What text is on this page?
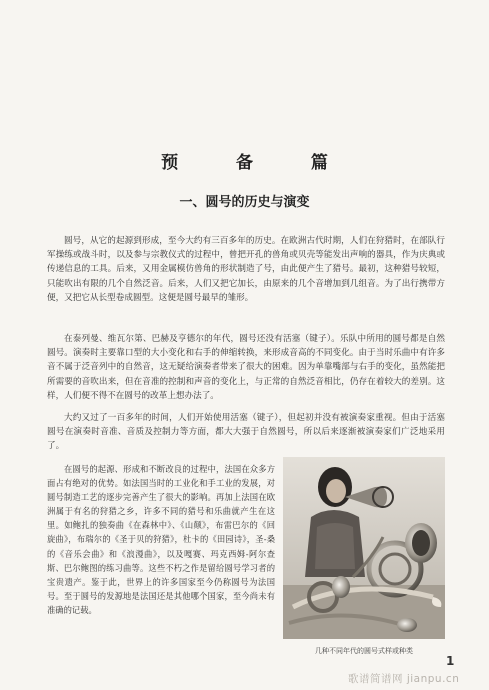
预 备 篇
一、圆号的历史与演变

圆号，从它的起源到形成，至今大约有三百多年的历史。在欧洲古代时期，人们在狩猎时，在部队行军操练或战斗时，以及参与宗教仪式的过程中，曾把开孔的兽角或贝壳等能发出声响的器具，作为庆典或传递信息的工具。后来，又用金属模仿兽角的形状制造了号，由此便产生了猎号。最初，这种猎号较短，只能吹出有限的几个自然泛音。后来，人们又把它加长，由原来的几个音增加到几组音。为了出行携带方便，又把它从长型卷成圆型。这便是圆号最早的雏形。

在泰列曼、维瓦尔第、巴赫及亨德尔的年代，圆号还没有活塞（键子）。乐队中所用的圆号都是自然圆号。演奏时主要靠口型的大小变化和右手的伸缩转换，来形成音高的不同变化。由于当时乐曲中有许多音不属于泛音列中的自然音，这无疑给演奏者带来了很大的困难。因为单靠嘴部与右手的变化，虽然能把所需要的音吹出来，但在音准的控制和声音的变化上，与正常的自然泛音相比，仍存在着较大的差别。这样，人们便不得不在圆号的改革上想办法了。

大约又过了一百多年的时间，人们开始使用活塞（键子），但起初并没有被演奏家重视。但由于活塞圆号在演奏时音准、音质及控制力等方面，都大大强于自然圆号，所以后来逐渐被演奏家们广泛地采用了。

在圆号的起源、形成和不断改良的过程中，法国在众多方面占有绝对的优势。如法国当时的工业化和手工业的发展，对圆号制造工艺的逐步完善产生了很大的影响。再加上法国在欧洲属于有名的狩猎之乡，许多不同的猎号和乐曲就产生在这里。如鲍扎的独奏曲《在森林中》、《山颠》，布雷巴尔的《回旋曲》，布瑞尔的《圣于贝的狩猎》，杜卡的《田园诗》，圣-桑的《音乐会曲》和《浪漫曲》，以及嘎赛、玛克西姆-阿尔查斯、巴尔鲍图的练习曲等。这些不朽之作是留给圆号学习者的宝贵遗产。鉴于此，世界上的许多国家至今仍称圆号为法国号。至于圆号的发源地是法国还是其他哪个国家，至今尚未有准确的记载。

几种不同年代的圆号式样或种类
1
歌谱简谱网 jianpu.cn
